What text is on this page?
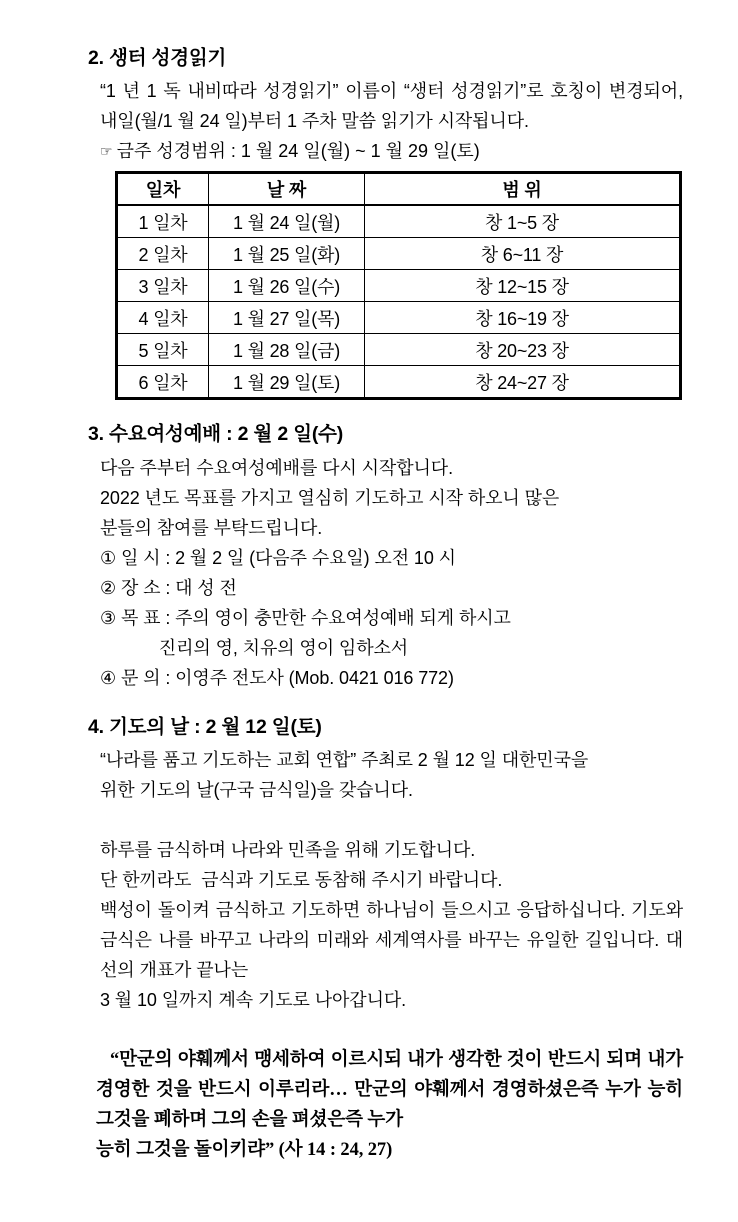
2. 생터 성경읽기

“1 년 1 독 내비따라 성경읽기” 이름이 “생터 성경읽기”로 호칭이 변경되어, 내일(월/1 월 24 일)부터 1 주차 말씀 읽기가 시작됩니다.

☞ 금주 성경범위 : 1 월 24 일(월) ~ 1 월 29 일(토)
일차	날 짜	범 위
1 일차	1 월 24 일(월)	창 1~5 장
2 일차	1 월 25 일(화)	창 6~11 장
3 일차	1 월 26 일(수)	창 12~15 장
4 일차	1 월 27 일(목)	창 16~19 장
5 일차	1 월 28 일(금)	창 20~23 장
6 일차	1 월 29 일(토)	창 24~27 장
3. 수요여성예배 : 2 월 2 일(수)

다음 주부터 수요여성예배를 다시 시작합니다.

2022 년도 목표를 가지고 열심히 기도하고 시작 하오니 많은
분들의 참여를 부탁드립니다.

① 일 시 : 2 월 2 일 (다음주 수요일) 오전 10 시

② 장 소 : 대 성 전

③ 목 표 : 주의 영이 충만한 수요여성예배 되게 하시고

진리의 영, 치유의 영이 임하소서

④ 문 의 : 이영주 전도사 (Mob. 0421 016 772)

4. 기도의 날 : 2 월 12 일(토)

“나라를 품고 기도하는 교회 연합” 주최로 2 월 12 일 대한민국을
위한 기도의 날(구국 금식일)을 갖습니다.

하루를 금식하며 나라와 민족을 위해 기도합니다.

단 한끼라도  금식과 기도로 동참해 주시기 바랍니다.

백성이 돌이켜 금식하고 기도하면 하나님이 들으시고 응답하십니다. 기도와 금식은 나를 바꾸고 나라의 미래와 세계역사를 바꾸는 유일한 길입니다. 대선의 개표가 끝나는
3 월 10 일까지 계속 기도로 나아갑니다.

“만군의 야훼께서 맹세하여 이르시되 내가 생각한 것이 반드시 되며 내가 경영한 것을 반드시 이루리라… 만군의 야훼께서 경영하셨은즉 누가 능히 그것을 폐하며 그의 손을 펴셨은즉 누가
능히 그것을 돌이키랴” (사 14 : 24, 27)
